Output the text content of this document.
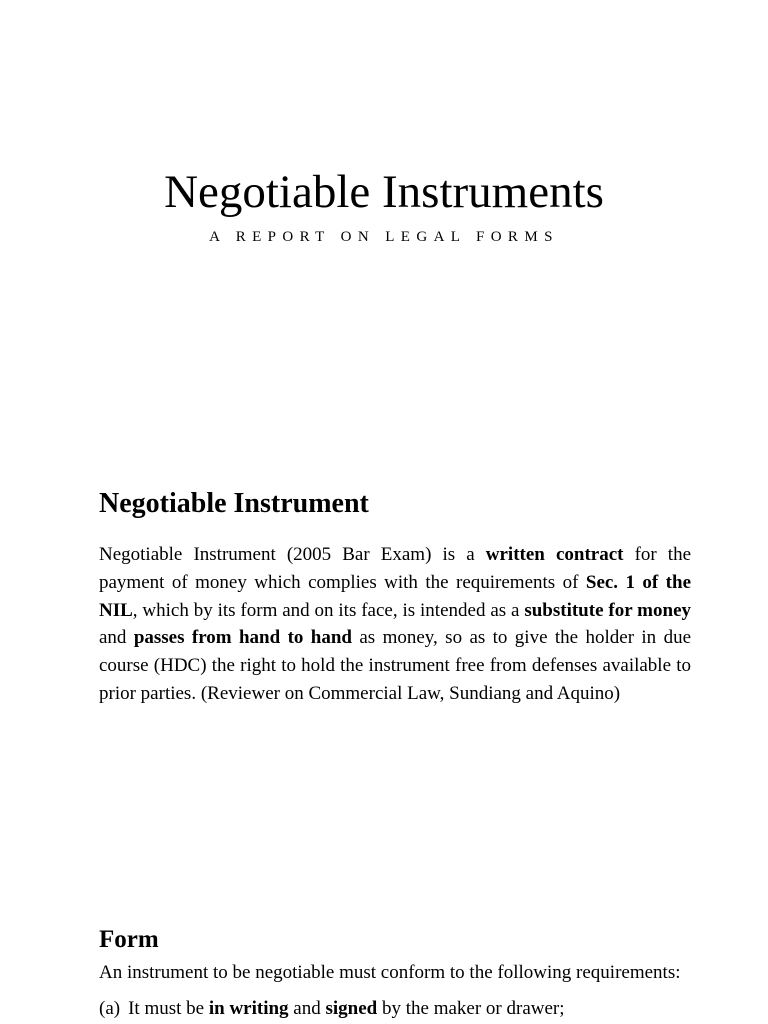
Negotiable Instruments
A REPORT ON LEGAL FORMS
Negotiable Instrument

Negotiable Instrument (2005 Bar Exam) is a written contract for the payment of money which complies with the requirements of Sec. 1 of the NIL, which by its form and on its face, is intended as a substitute for money and passes from hand to hand as money, so as to give the holder in due course (HDC) the right to hold the instrument free from defenses available to prior parties. (Reviewer on Commercial Law, Sundiang and Aquino)

Form

An instrument to be negotiable must conform to the following requirements:

(a) It must be in writing and signed by the maker or drawer;
